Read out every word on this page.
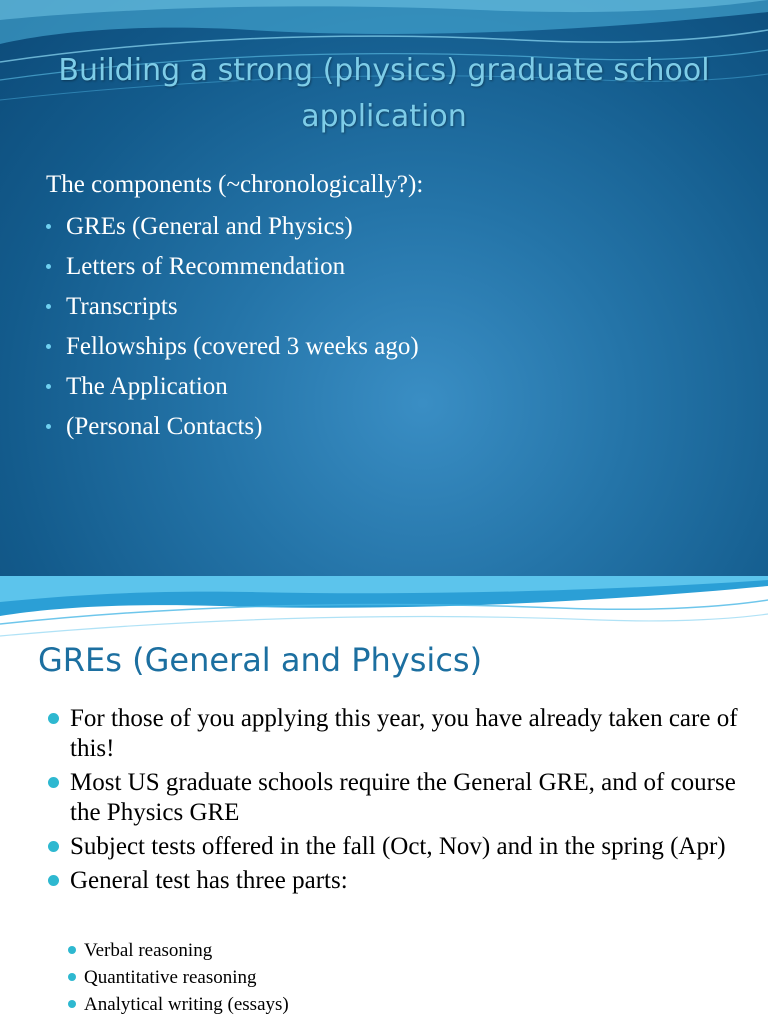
Building a strong (physics) graduate school application

The components (~chronologically?):

GREs (General and Physics)
Letters of Recommendation
Transcripts
Fellowships (covered 3 weeks ago)
The Application
(Personal Contacts)
GREs (General and Physics)
For those of you applying this year, you have already taken care of this!
Most US graduate schools require the General GRE, and of course the Physics GRE
Subject tests offered in the fall (Oct, Nov) and in the spring (Apr)
General test has three parts:
Verbal reasoning
Quantitative reasoning
Analytical writing (essays)
